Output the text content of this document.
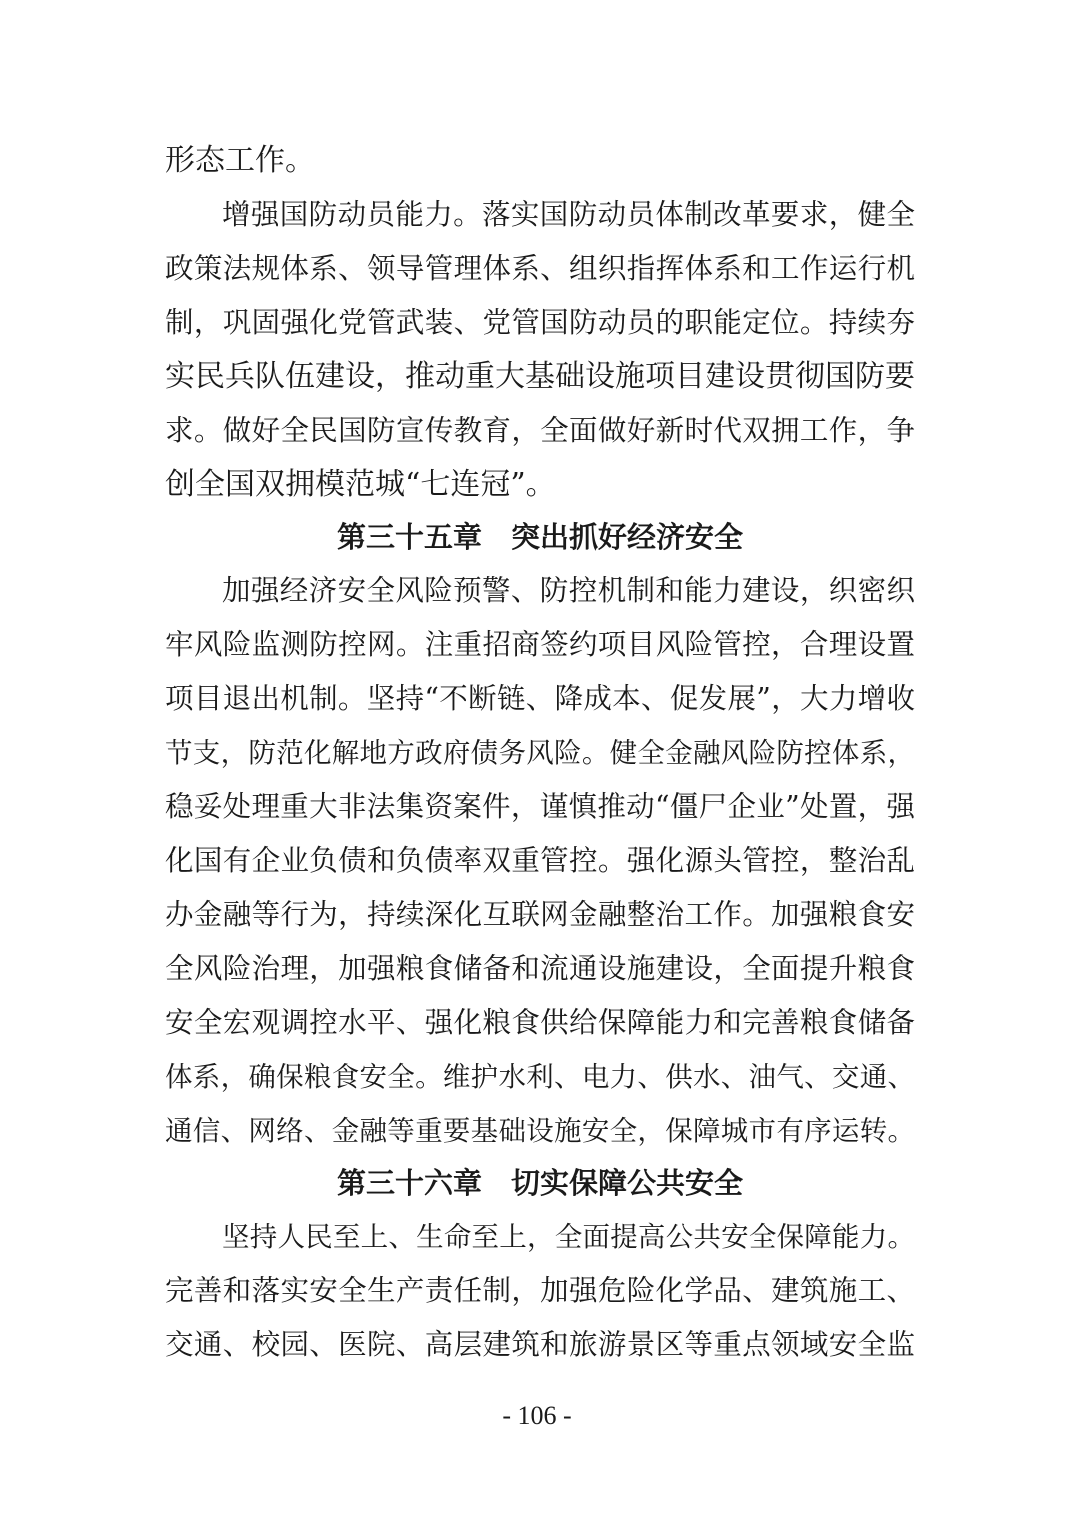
形态工作。
增强国防动员能力。落实国防动员体制改革要求，健全
政策法规体系、领导管理体系、组织指挥体系和工作运行机
制，巩固强化党管武装、党管国防动员的职能定位。持续夯
实民兵队伍建设，推动重大基础设施项目建设贯彻国防要
求。做好全民国防宣传教育，全面做好新时代双拥工作，争
创全国双拥模范城“七连冠”。
第三十五章　突出抓好经济安全
加强经济安全风险预警、防控机制和能力建设，织密织
牢风险监测防控网。注重招商签约项目风险管控，合理设置
项目退出机制。坚持“不断链、降成本、促发展”，大力增收
节支，防范化解地方政府债务风险。健全金融风险防控体系，
稳妥处理重大非法集资案件，谨慎推动“僵尸企业”处置，强
化国有企业负债和负债率双重管控。强化源头管控，整治乱
办金融等行为，持续深化互联网金融整治工作。加强粮食安
全风险治理，加强粮食储备和流通设施建设，全面提升粮食
安全宏观调控水平、强化粮食供给保障能力和完善粮食储备
体系，确保粮食安全。维护水利、电力、供水、油气、交通、
通信、网络、金融等重要基础设施安全，保障城市有序运转。
第三十六章　切实保障公共安全
坚持人民至上、生命至上，全面提高公共安全保障能力。
完善和落实安全生产责任制，加强危险化学品、建筑施工、
交通、校园、医院、高层建筑和旅游景区等重点领域安全监
- 106 -
